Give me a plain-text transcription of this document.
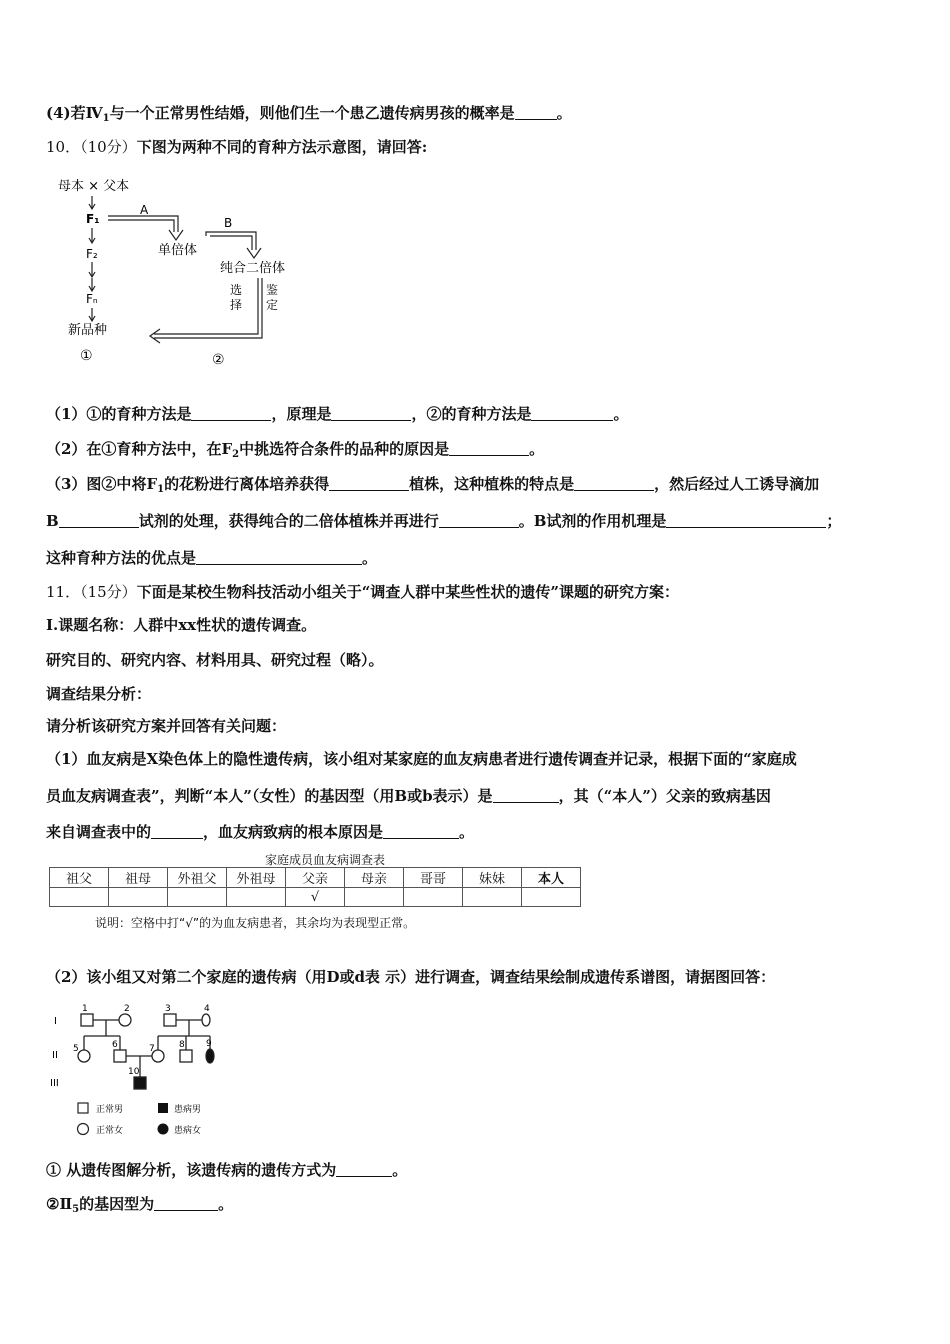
(4)若$Ⅳ_1$与一个正常男性结婚，则他们生一个患乙遗传病男孩的概率是	。
10．（10分）下图为两种不同的育种方法示意图，请回答:
母本 × 父本
F₁
F₂
Fₙ
新品种
①
A
单倍体
B
纯合二倍体
选择
鉴定
②
（1）①的育种方法是	，原理是	，②的育种方法是	。
（2）在①育种方法中，在$F_2$中挑选符合条件的品种的原因是	。
（3）图②中将$F_1$的花粉进行离体培养获得	植株，这种植株的特点是	，然后经过人工诱导滴加
B	试剂的处理，获得纯合的二倍体植株并再进行	。B试剂的作用机理是	；
这种育种方法的优点是	。
11．（15分）下面是某校生物科技活动小组关于“调查人群中某些性状的遗传”课题的研究方案：
I.课题名称：人群中xx性状的遗传调查。
研究目的、研究内容、材料用具、研究过程（略）。
调查结果分析：
请分析该研究方案并回答有关问题：
（1）血友病是X染色体上的隐性遗传病，该小组对某家庭的血友病患者进行遗传调查并记录，根据下面的“家庭成
员血友病调查表”，判断“本人”（女性）的基因型（用B或b表示）是	，其（“本人”）父亲的致病基因
来自调查表中的	，血友病致病的根本原因是	。
家庭成员血友病调查表
祖父	祖母	外祖父	外祖母	父亲	母亲	哥哥	妹妹	本人
				√				
说明：空格中打“√”的为血友病患者，其余均为表现型正常。
（2）该小组又对第二个家庭的遗传病（用D或d表 示）进行调查，调查结果绘制成遗传系谱图，请据图回答：
I
II
III
1	2	3	4
5	6	7	8 9
10
正常男	患病男
正常女	患病女
① 从遗传图解分析，该遗传病的遗传方式为	。
$②Ⅱ_5$的基因型为	。
